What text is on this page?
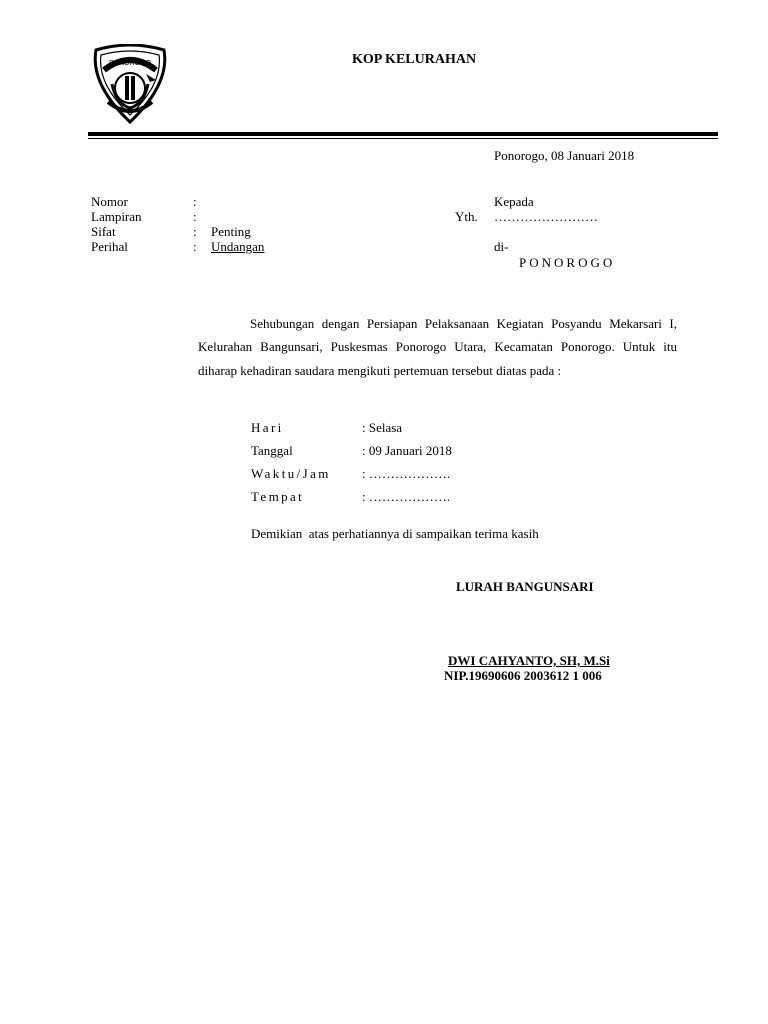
PONOROGO	KOP KELURAHAN
Ponorogo, 08 Januari 2018
Nomor	:
Lampiran	:
Sifat	: Penting
Perihal	: Undangan
Kepada
Yth. ……………………
di-
PONOROGO
Sehubungan dengan Persiapan Pelaksanaan Kegiatan Posyandu Mekarsari I, Kelurahan Bangunsari, Puskesmas Ponorogo Utara, Kecamatan Ponorogo. Untuk itu diharap kehadiran saudara mengikuti pertemuan tersebut diatas pada :
Hari	: Selasa
Tanggal	: 09 Januari 2018
Waktu/Jam : ……………….
Tempat	: ……………….
Demikian  atas perhatiannya di sampaikan terima kasih
LURAH BANGUNSARI
DWI CAHYANTO, SH, M.Si
NIP.19690606 2003612 1 006
